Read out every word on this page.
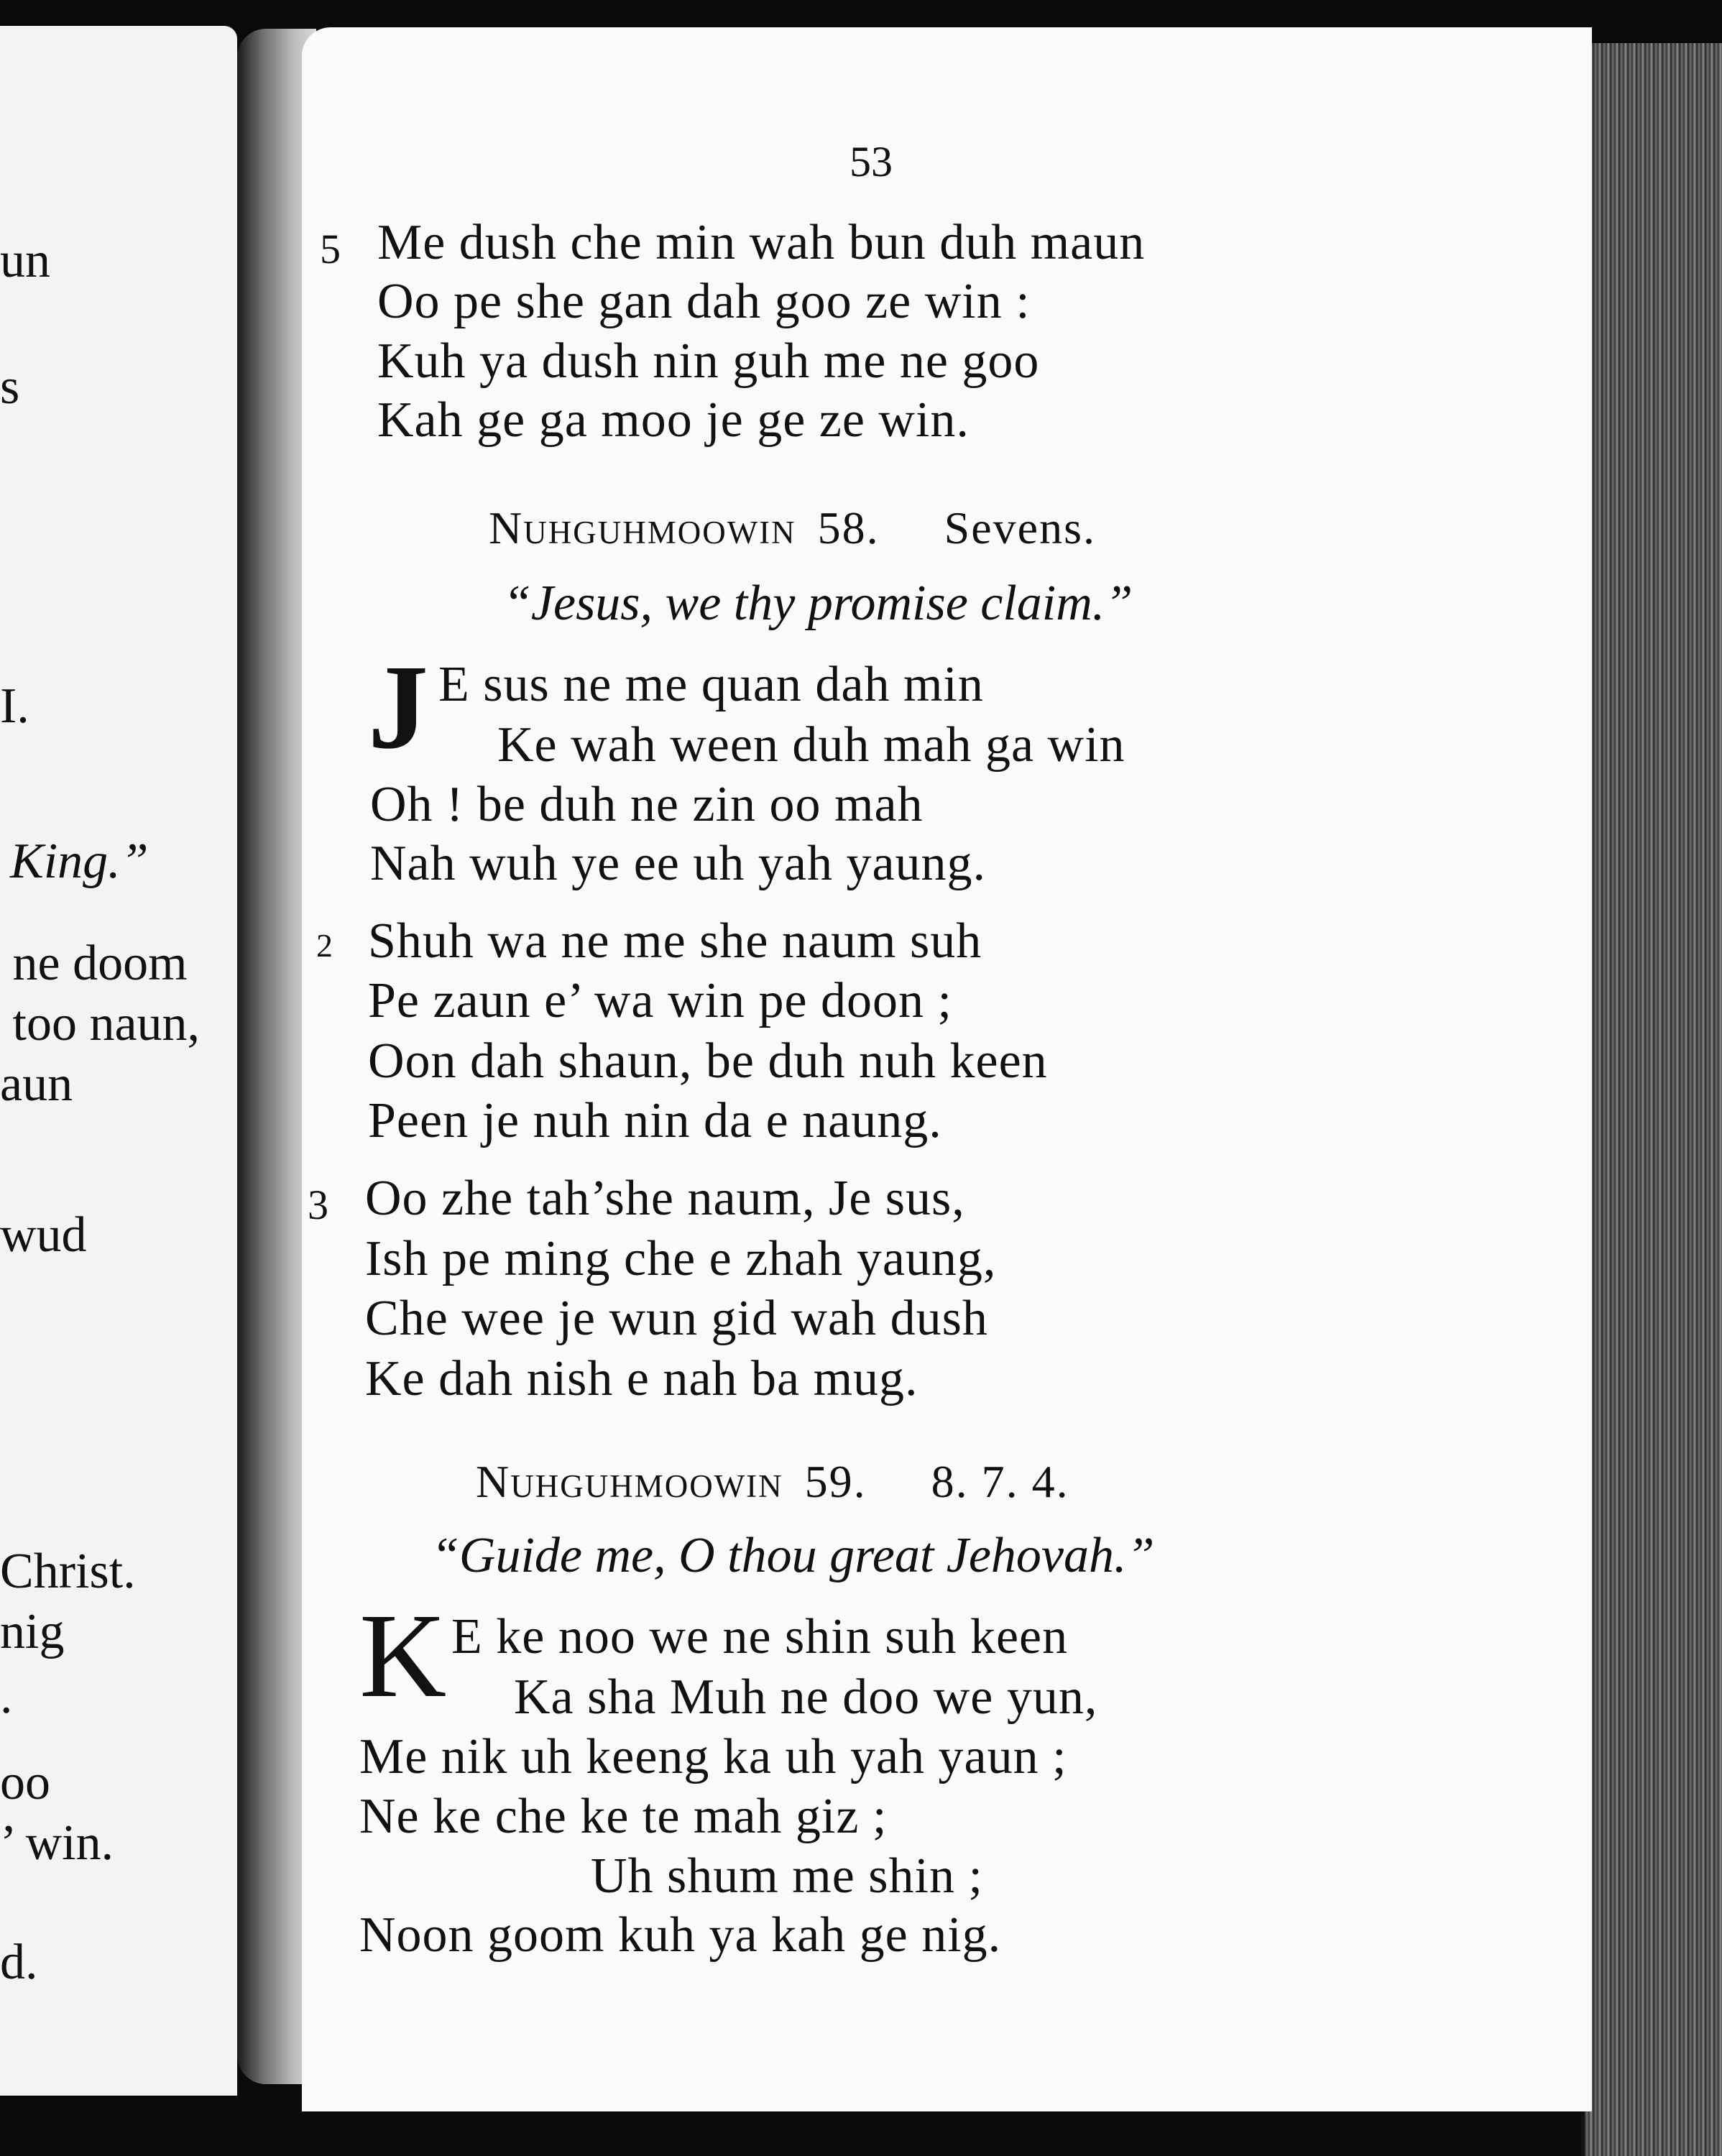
un
s
I.
King.”
ne doom
too naun,
aun
wud
Christ.
nig
.
oo
’ win.
d.
53
5 Me dush che min wah bun duh maun
Oo pe she gan dah goo ze win :
Kuh ya dush nin guh me ne goo
Kah ge ga moo je ge ze win.
Nuhguhmoowin 58. Sevens.
“Jesus, we thy promise claim.”
J E sus ne me quan dah min
Ke wah ween duh mah ga win
Oh ! be duh ne zin oo mah
Nah wuh ye ee uh yah yaung.
2 Shuh wa ne me she naum suh
Pe zaun e’ wa win pe doon ;
Oon dah shaun, be duh nuh keen
Peen je nuh nin da e naung.
3 Oo zhe tah’she naum, Je sus,
Ish pe ming che e zhah yaung,
Che wee je wun gid wah dush
Ke dah nish e nah ba mug.
Nuhguhmoowin 59. 8. 7. 4.
“Guide me, O thou great Jehovah.”
K E ke noo we ne shin suh keen
Ka sha Muh ne doo we yun,
Me nik uh keeng ka uh yah yaun ;
Ne ke che ke te mah giz ;
Uh shum me shin ;
Noon goom kuh ya kah ge nig.
